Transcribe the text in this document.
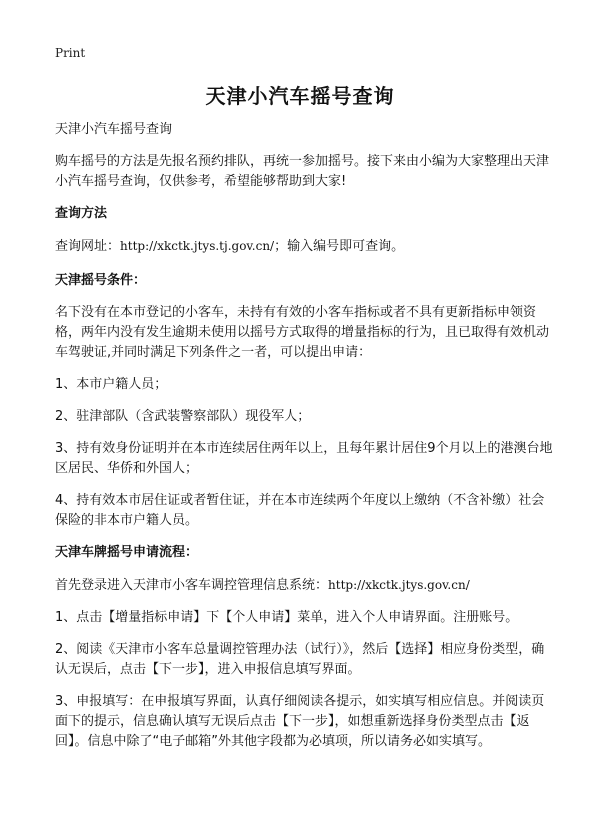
Print
天津小汽车摇号查询

天津小汽车摇号查询

购车摇号的方法是先报名预约排队，再统一参加摇号。接下来由小编为大家整理出天津小汽车摇号查询，仅供参考，希望能够帮助到大家!

查询方法

查询网址：http://xkctk.jtys.tj.gov.cn/；输入编号即可查询。

天津摇号条件：

名下没有在本市登记的小客车，未持有有效的小客车指标或者不具有更新指标申领资格，两年内没有发生逾期未使用以摇号方式取得的增量指标的行为，且已取得有效机动车驾驶证,并同时满足下列条件之一者，可以提出申请：

1、本市户籍人员；

2、驻津部队（含武装警察部队）现役军人；

3、持有效身份证明并在本市连续居住两年以上，且每年累计居住9个月以上的港澳台地区居民、华侨和外国人；

4、持有效本市居住证或者暂住证，并在本市连续两个年度以上缴纳（不含补缴）社会保险的非本市户籍人员。

天津车牌摇号申请流程：

首先登录进入天津市小客车调控管理信息系统：http://xkctk.jtys.gov.cn/

1、点击【增量指标申请】下【个人申请】菜单，进入个人申请界面。注册账号。

2、阅读《天津市小客车总量调控管理办法（试行）》，然后【选择】相应身份类型，确认无误后，点击【下一步】，进入申报信息填写界面。

3、申报填写：在申报填写界面，认真仔细阅读各提示，如实填写相应信息。并阅读页面下的提示，信息确认填写无误后点击【下一步】，如想重新选择身份类型点击【返回】。信息中除了“电子邮箱”外其他字段都为必填项，所以请务必如实填写。
